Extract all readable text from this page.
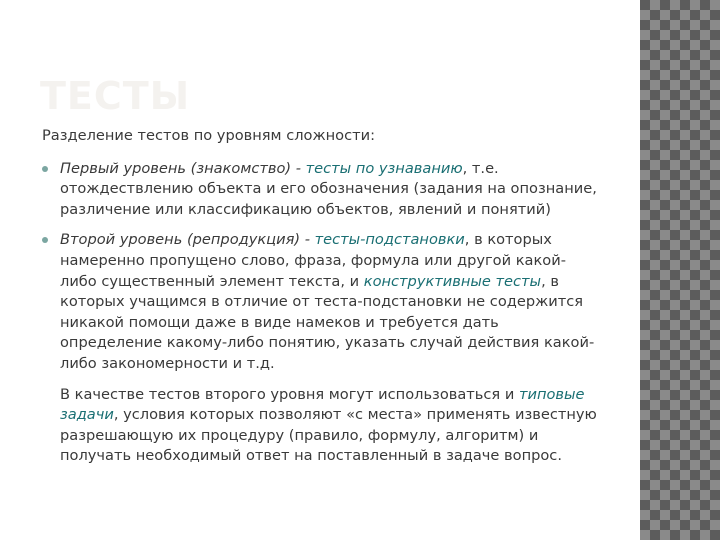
ТЕСТЫ

Разделение тестов по уровням сложности:

Первый уровень (знакомство) - тесты по узнаванию, т.е. отождествлению объекта и его обозначения (задания на опознание, различение или классификацию объектов, явлений и понятий)
Второй уровень (репродукция) - тесты-подстановки, в которых намеренно пропущено слово, фраза, формула или другой какой-либо существенный элемент текста, и конструктивные тесты, в которых учащимся в отличие от теста-подстановки не содержится никакой помощи даже в виде намеков и требуется дать определение какому-либо понятию, указать случай действия какой-либо закономерности и т.д.

В качестве тестов второго уровня могут использоваться и типовые задачи, условия которых позволяют «с места» применять известную разрешающую их процедуру (правило, формулу, алгоритм) и получать необходимый ответ на поставленный в задаче вопрос.
